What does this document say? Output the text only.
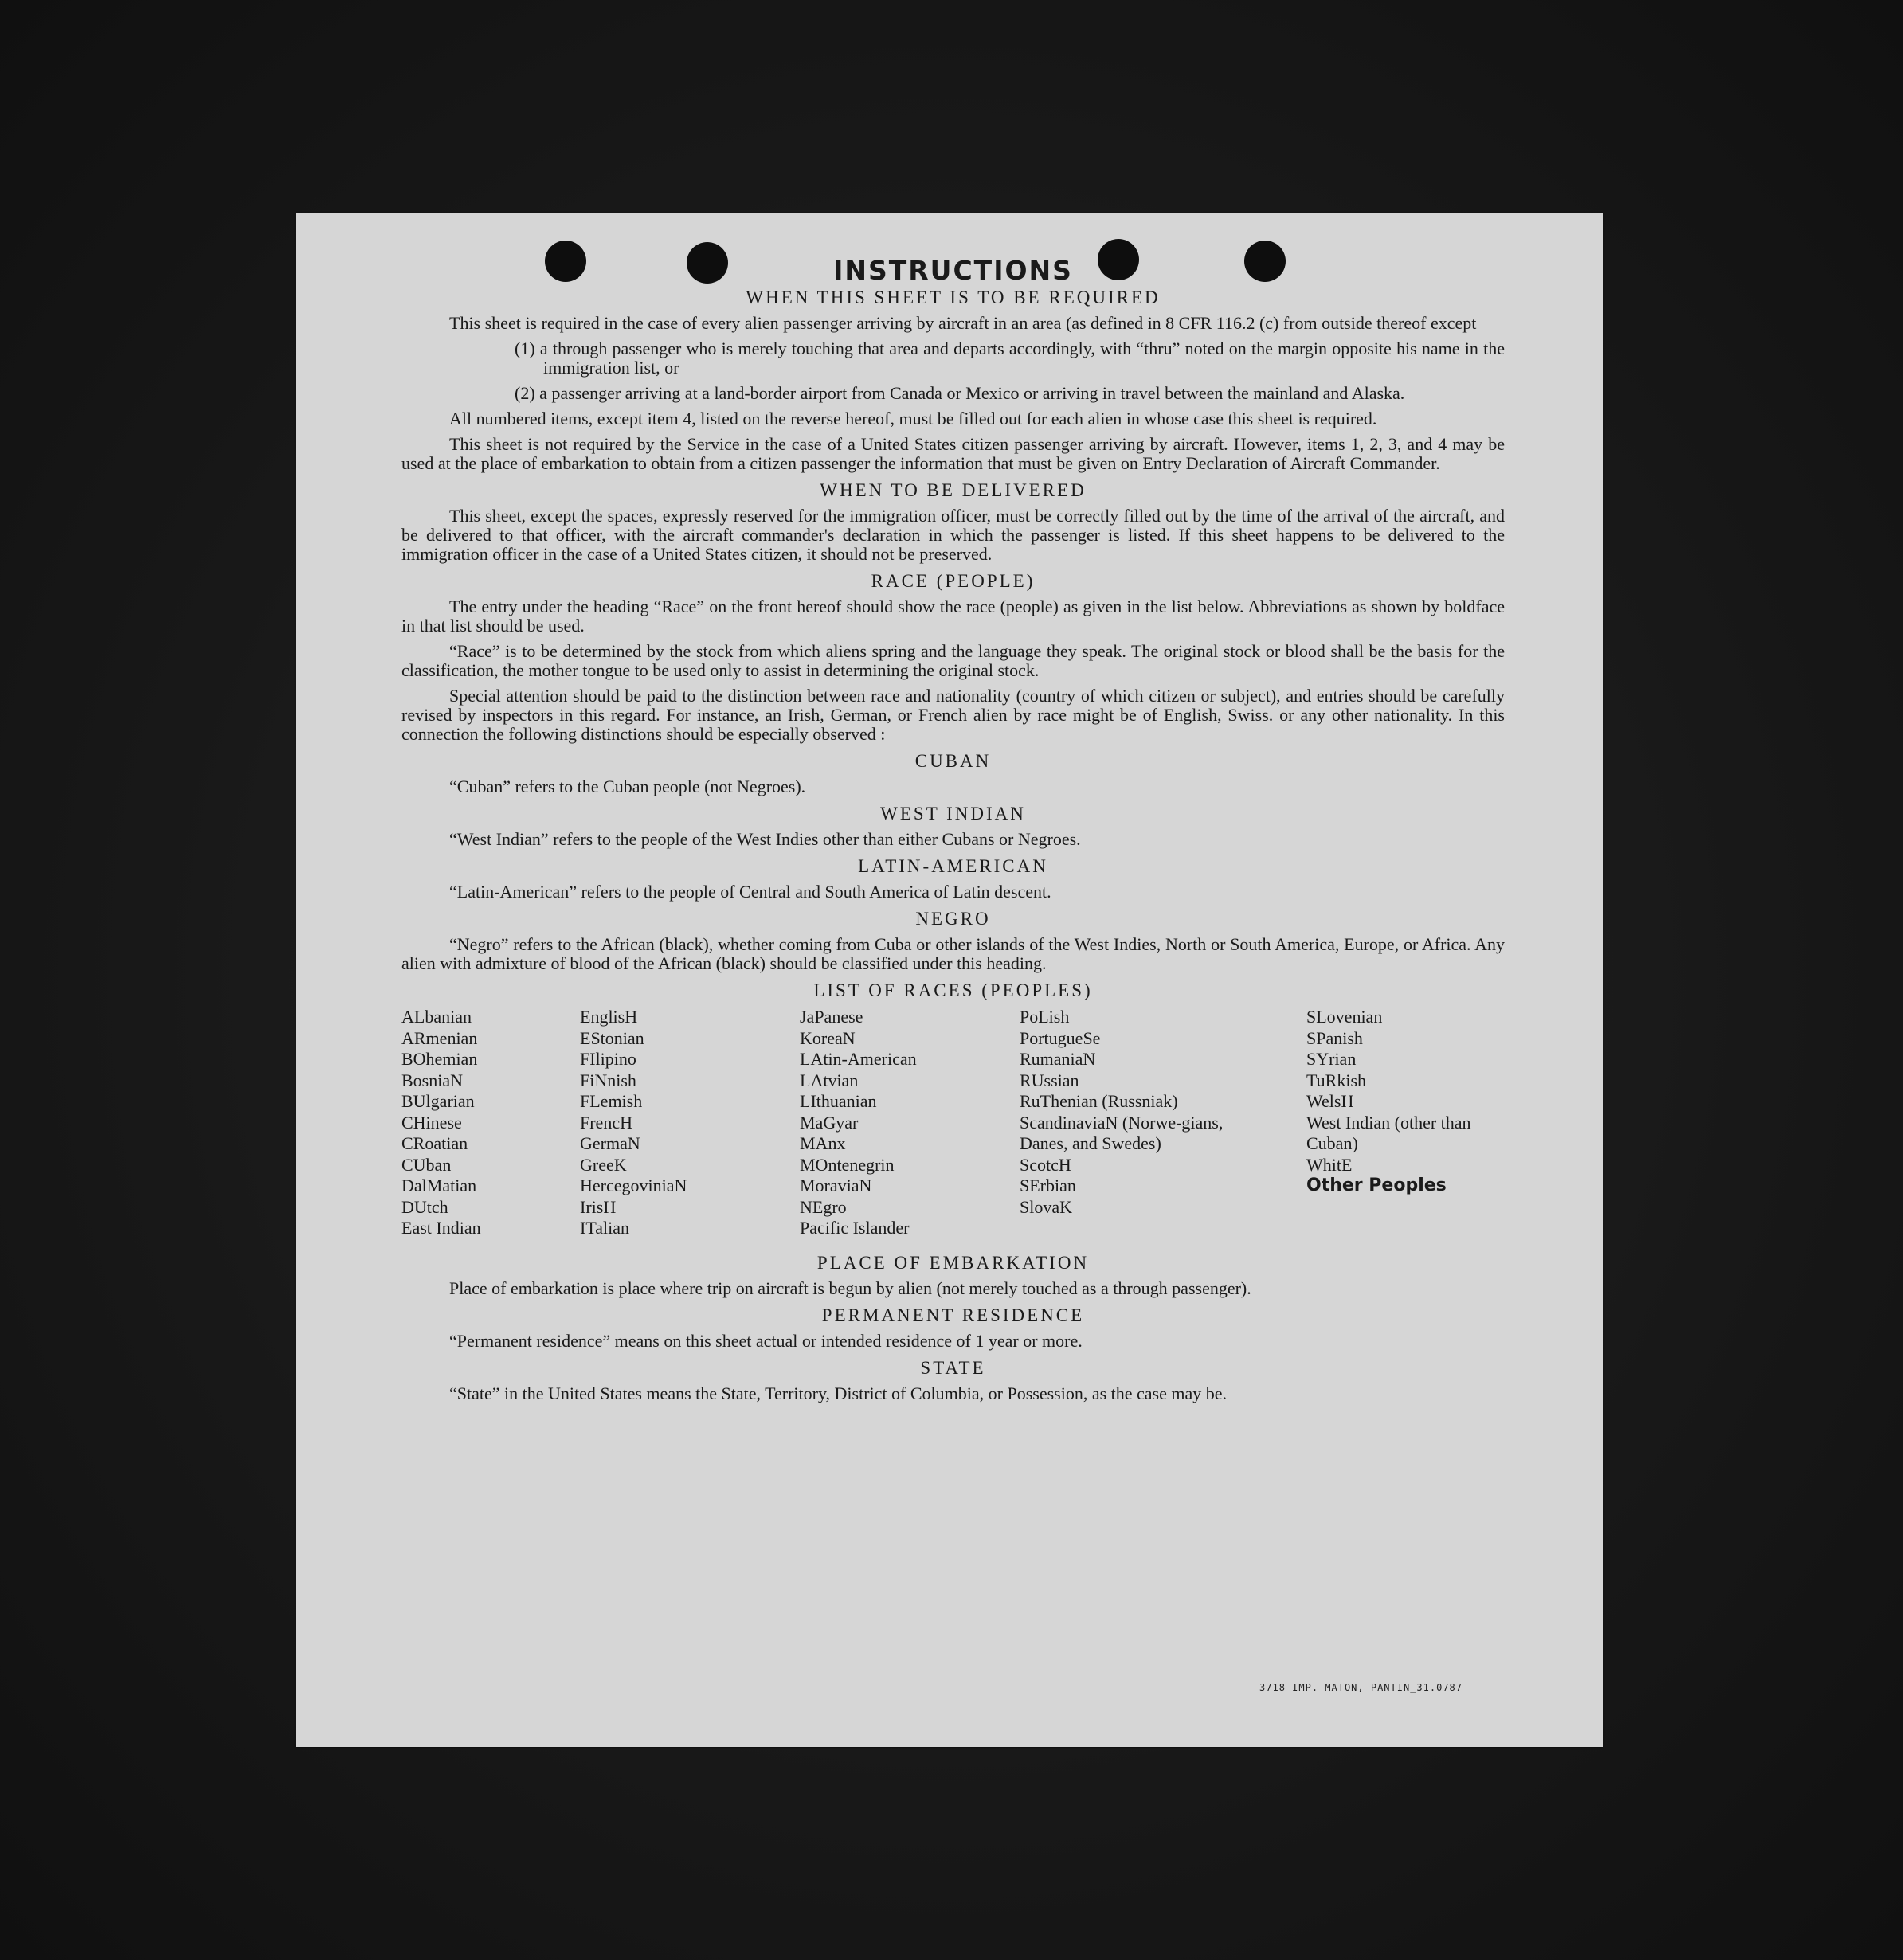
INSTRUCTIONS
WHEN THIS SHEET IS TO BE REQUIRED
This sheet is required in the case of every alien passenger arriving by aircraft in an area (as defined in 8 CFR 116.2 (c) from outside thereof except
(1) a through passenger who is merely touching that area and departs accordingly, with “thru” noted on the margin opposite his name in the immigration list, or
(2) a passenger arriving at a land-border airport from Canada or Mexico or arriving in travel between the mainland and Alaska.
All numbered items, except item 4, listed on the reverse hereof, must be filled out for each alien in whose case this sheet is required.
This sheet is not required by the Service in the case of a United States citizen passenger arriving by aircraft. However, items 1, 2, 3, and 4 may be used at the place of embarkation to obtain from a citizen passenger the information that must be given on Entry Declaration of Aircraft Commander.
WHEN TO BE DELIVERED
This sheet, except the spaces, expressly reserved for the immigration officer, must be correctly filled out by the time of the arrival of the aircraft, and be delivered to that officer, with the aircraft commander's declaration in which the passenger is listed. If this sheet happens to be delivered to the immigration officer in the case of a United States citizen, it should not be preserved.
RACE (PEOPLE)
The entry under the heading “Race” on the front hereof should show the race (people) as given in the list below. Abbreviations as shown by boldface in that list should be used.
“Race” is to be determined by the stock from which aliens spring and the language they speak. The original stock or blood shall be the basis for the classification, the mother tongue to be used only to assist in determining the original stock.
Special attention should be paid to the distinction between race and nationality (country of which citizen or subject), and entries should be carefully revised by inspectors in this regard. For instance, an Irish, German, or French alien by race might be of English, Swiss. or any other nationality. In this connection the following distinctions should be especially observed :
CUBAN
“Cuban” refers to the Cuban people (not Negroes).
WEST INDIAN
“West Indian” refers to the people of the West Indies other than either Cubans or Negroes.
LATIN-AMERICAN
“Latin-American” refers to the people of Central and South America of Latin descent.
NEGRO
“Negro” refers to the African (black), whether coming from Cuba or other islands of the West Indies, North or South America, Europe, or Africa. Any alien with admixture of blood of the African (black) should be classified under this heading.
LIST OF RACES (PEOPLES)
ALbanian
ARmenian
BOhemian
BosniaN
BUlgarian
CHinese
CRoatian
CUban
DalMatian
DUtch
East Indian
EnglisH
EStonian
FIlipino
FiNnish
FLemish
FrencH
GermaN
GreeK
HercegoviniaN
IrisH
ITalian
JaPanese
KoreaN
LAtin-American
LAtvian
LIthuanian
MaGyar
MAnx
MOntenegrin
MoraviaN
NEgro
Pacific Islander
PoLish
PortugueSe
RumaniaN
RUssian
RuThenian (Russniak)
ScandinaviaN (Norwe-gians, Danes, and Swedes)
ScotcH
SErbian
SlovaK
SLovenian
SPanish
SYrian
TuRkish
WelsH
West Indian (other than Cuban)
WhitE
Other Peoples
PLACE OF EMBARKATION
Place of embarkation is place where trip on aircraft is begun by alien (not merely touched as a through passenger).
PERMANENT RESIDENCE
“Permanent residence” means on this sheet actual or intended residence of 1 year or more.
STATE
“State” in the United States means the State, Territory, District of Columbia, or Possession, as the case may be.
3718 IMP. MATON, PANTIN_31.0787
